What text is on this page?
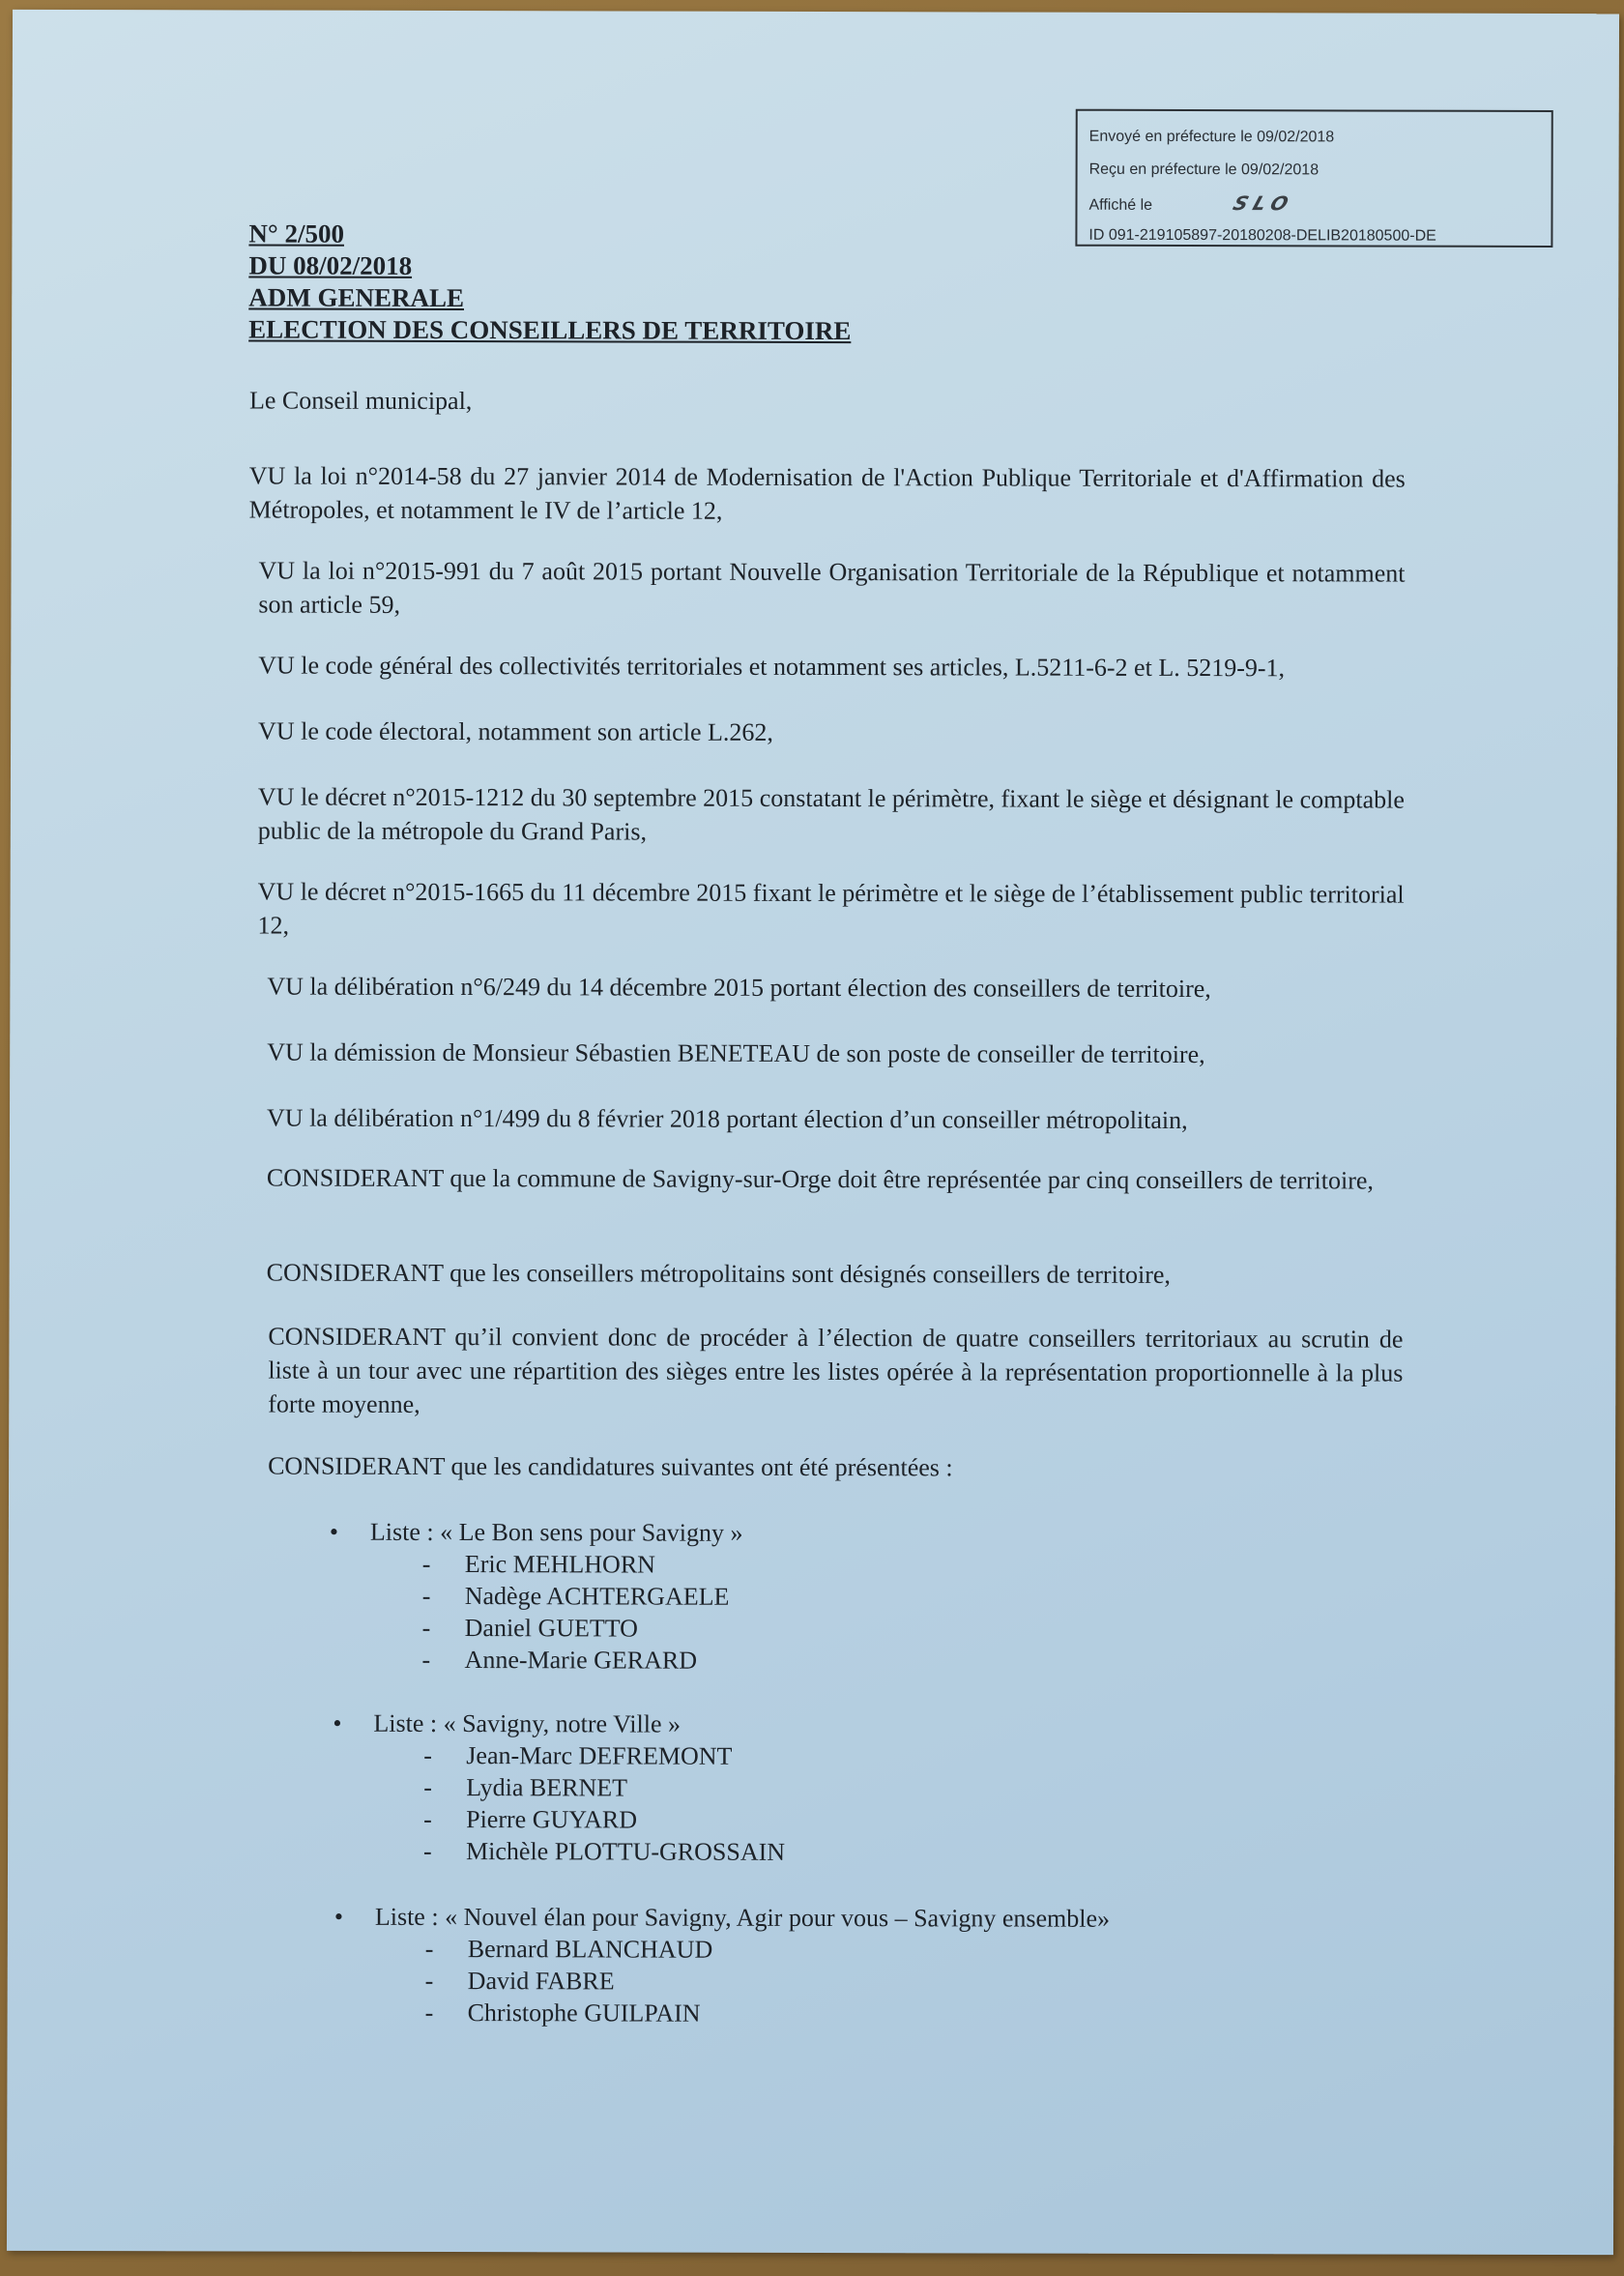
Envoyé en préfecture le 09/02/2018
Reçu en préfecture le 09/02/2018
Affiché le	SLO
ID 091-219105897-20180208-DELIB20180500-DE
N° 2/500
DU 08/02/2018
ADM GENERALE
ELECTION DES CONSEILLERS DE TERRITOIRE
Le Conseil municipal,
VU la loi n°2014-58 du 27 janvier 2014 de Modernisation de l'Action Publique Territoriale et d'Affirmation des Métropoles, et notamment le IV de l’article 12,
VU la loi n°2015-991 du 7 août 2015 portant Nouvelle Organisation Territoriale de la République et notamment son article 59,
VU le code général des collectivités territoriales et notamment ses articles, L.5211-6-2 et L. 5219-9-1,
VU le code électoral, notamment son article L.262,
VU le décret n°2015-1212 du 30 septembre 2015 constatant le périmètre, fixant le siège et désignant le comptable public de la métropole du Grand Paris,
VU le décret n°2015-1665 du 11 décembre 2015 fixant le périmètre et le siège de l’établissement public territorial 12,
VU la délibération n°6/249 du 14 décembre 2015 portant élection des conseillers de territoire,
VU la démission de Monsieur Sébastien BENETEAU de son poste de conseiller de territoire,
VU la délibération n°1/499 du 8 février 2018 portant élection d’un conseiller métropolitain,
CONSIDERANT que la commune de Savigny-sur-Orge doit être représentée par cinq conseillers de territoire,
CONSIDERANT que les conseillers métropolitains sont désignés conseillers de territoire,
CONSIDERANT qu’il convient donc de procéder à l’élection de quatre conseillers territoriaux au scrutin de liste à un tour avec une répartition des sièges entre les listes opérée à la représentation proportionnelle à la plus forte moyenne,
CONSIDERANT que les candidatures suivantes ont été présentées :
• Liste : « Le Bon sens pour Savigny »
- Eric MEHLHORN
- Nadège ACHTERGAELE
- Daniel GUETTO
- Anne-Marie GERARD
• Liste : « Savigny, notre Ville »
- Jean-Marc DEFREMONT
- Lydia BERNET
- Pierre GUYARD
- Michèle PLOTTU-GROSSAIN
• Liste : « Nouvel élan pour Savigny, Agir pour vous – Savigny ensemble»
- Bernard BLANCHAUD
- David FABRE
- Christophe GUILPAIN
